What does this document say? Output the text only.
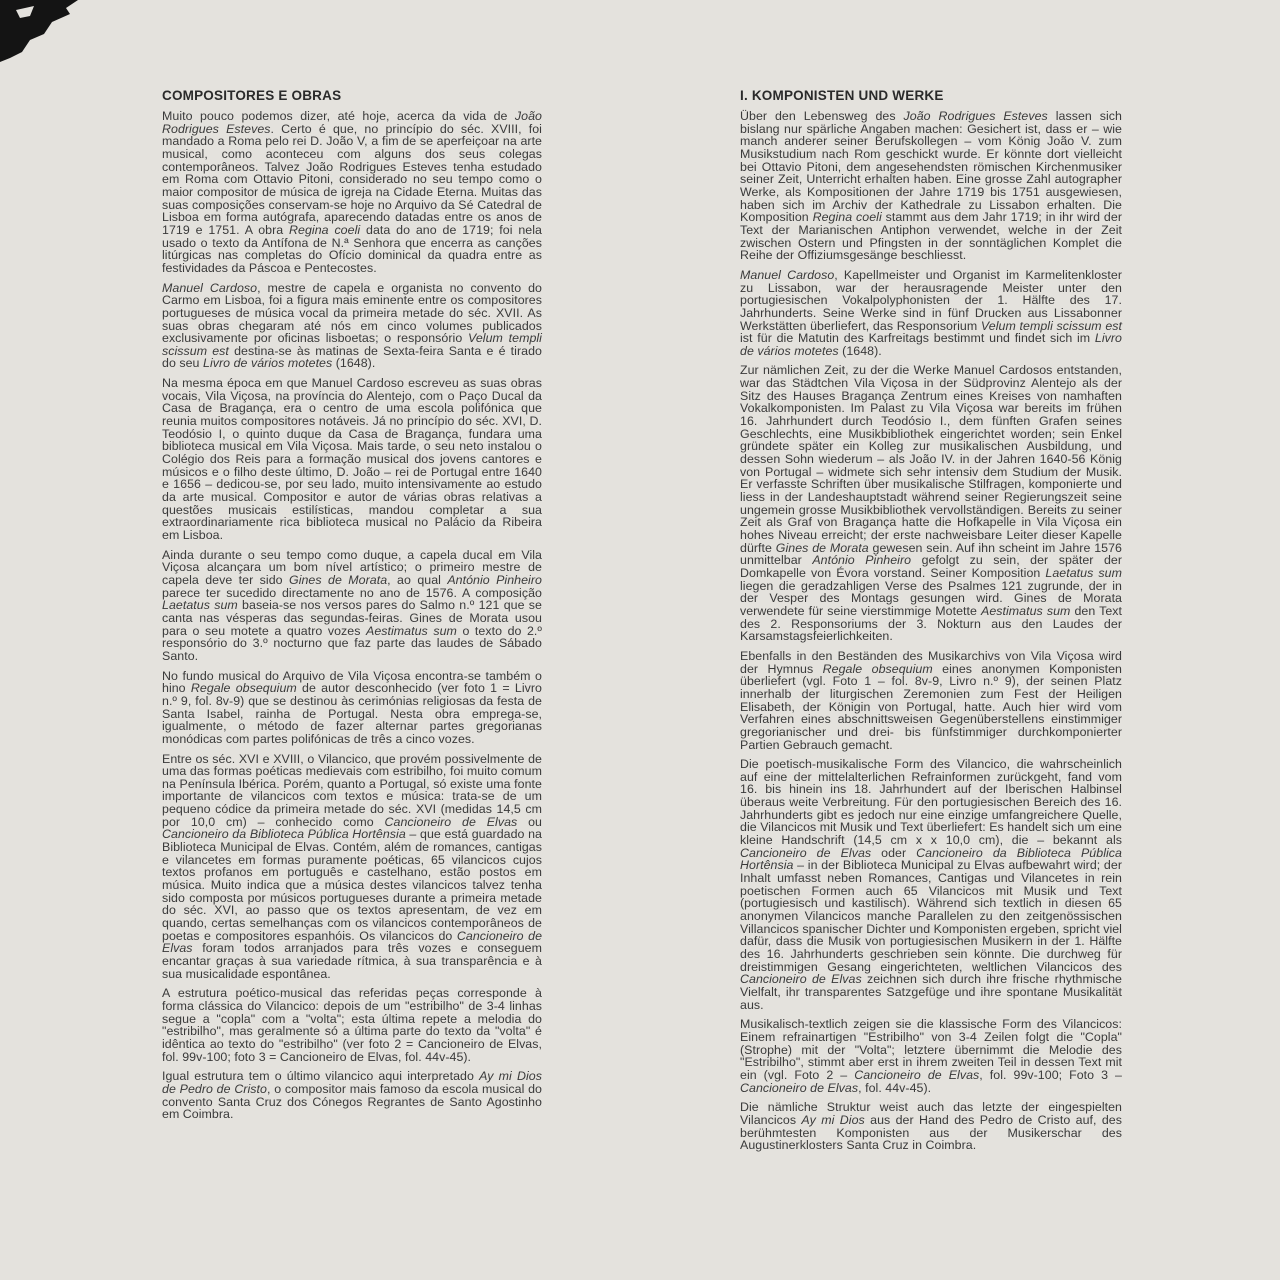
COMPOSITORES E OBRAS

Muito pouco podemos dizer, até hoje, acerca da vida de João Rodrigues Esteves. Certo é que, no princípio do séc. XVIII, foi mandado a Roma pelo rei D. João V, a fim de se aperfeiçoar na arte musical, como aconteceu com alguns dos seus colegas contemporâneos. Talvez João Rodrigues Esteves tenha estudado em Roma com Ottavio Pitoni, considerado no seu tempo como o maior compositor de música de igreja na Cidade Eterna. Muitas das suas composições conservam-se hoje no Arquivo da Sé Catedral de Lisboa em forma autógrafa, aparecendo datadas entre os anos de 1719 e 1751. A obra Regina coeli data do ano de 1719; foi nela usado o texto da Antífona de N.ª Senhora que encerra as canções litúrgicas nas completas do Ofício dominical da quadra entre as festividades da Páscoa e Pentecostes.

Manuel Cardoso, mestre de capela e organista no convento do Carmo em Lisboa, foi a figura mais eminente entre os compositores portugueses de música vocal da primeira metade do séc. XVII. As suas obras chegaram até nós em cinco volumes publicados exclusivamente por oficinas lisboetas; o responsório Velum templi scissum est destina-se às matinas de Sexta-feira Santa e é tirado do seu Livro de vários motetes (1648).

Na mesma época em que Manuel Cardoso escreveu as suas obras vocais, Vila Viçosa, na província do Alentejo, com o Paço Ducal da Casa de Bragança, era o centro de uma escola polifónica que reunia muitos compositores notáveis. Já no princípio do séc. XVI, D. Teodósio I, o quinto duque da Casa de Bragança, fundara uma biblioteca musical em Vila Viçosa. Mais tarde, o seu neto instalou o Colégio dos Reis para a formação musical dos jovens cantores e músicos e o filho deste último, D. João – rei de Portugal entre 1640 e 1656 – dedicou-se, por seu lado, muito intensivamente ao estudo da arte musical. Compositor e autor de várias obras relativas a questões musicais estilísticas, mandou completar a sua extraordinariamente rica biblioteca musical no Palácio da Ribeira em Lisboa.

Ainda durante o seu tempo como duque, a capela ducal em Vila Viçosa alcançara um bom nível artístico; o primeiro mestre de capela deve ter sido Gines de Morata, ao qual António Pinheiro parece ter sucedido directamente no ano de 1576. A composição Laetatus sum baseia-se nos versos pares do Salmo n.º 121 que se canta nas vésperas das segundas-feiras. Gines de Morata usou para o seu motete a quatro vozes Aestimatus sum o texto do 2.º responsório do 3.º nocturno que faz parte das laudes de Sábado Santo.

No fundo musical do Arquivo de Vila Viçosa encontra-se também o hino Regale obsequium de autor desconhecido (ver foto 1 = Livro n.º 9, fol. 8v-9) que se destinou às cerimónias religiosas da festa de Santa Isabel, rainha de Portugal. Nesta obra emprega-se, igualmente, o método de fazer alternar partes gregorianas monódicas com partes polifónicas de três a cinco vozes.

Entre os séc. XVI e XVIII, o Vilancico, que provém possivelmente de uma das formas poéticas medievais com estribilho, foi muito comum na Península Ibérica. Porém, quanto a Portugal, só existe uma fonte importante de vilancicos com textos e música: trata-se de um pequeno códice da primeira metade do séc. XVI (medidas 14,5 cm por 10,0 cm) – conhecido como Cancioneiro de Elvas ou Cancioneiro da Biblioteca Pública Hortênsia – que está guardado na Biblioteca Municipal de Elvas. Contém, além de romances, cantigas e vilancetes em formas puramente poéticas, 65 vilancicos cujos textos profanos em português e castelhano, estão postos em música. Muito indica que a música destes vilancicos talvez tenha sido composta por músicos portugueses durante a primeira metade do séc. XVI, ao passo que os textos apresentam, de vez em quando, certas semelhanças com os vilancicos contemporâneos de poetas e compositores espanhóis. Os vilancicos do Cancioneiro de Elvas foram todos arranjados para três vozes e conseguem encantar graças à sua variedade rítmica, à sua transparência e à sua musicalidade espontânea.

A estrutura poético-musical das referidas peças corresponde à forma clássica do Vilancico: depois de um "estribilho" de 3-4 linhas segue a "copla" com a "volta"; esta última repete a melodia do "estribilho", mas geralmente só a última parte do texto da "volta" é idêntica ao texto do "estribilho" (ver foto 2 = Cancioneiro de Elvas, fol. 99v-100; foto 3 = Cancioneiro de Elvas, fol. 44v-45).

Igual estrutura tem o último vilancico aqui interpretado Ay mi Dios de Pedro de Cristo, o compositor mais famoso da escola musical do convento Santa Cruz dos Cónegos Regrantes de Santo Agostinho em Coimbra.

I. KOMPONISTEN UND WERKE

Über den Lebensweg des João Rodrigues Esteves lassen sich bislang nur spärliche Angaben machen: Gesichert ist, dass er – wie manch anderer seiner Berufskollegen – vom König João V. zum Musikstudium nach Rom geschickt wurde. Er könnte dort vielleicht bei Ottavio Pitoni, dem angesehendsten römischen Kirchenmusiker seiner Zeit, Unterricht erhalten haben. Eine grosse Zahl autographer Werke, als Kompositionen der Jahre 1719 bis 1751 ausgewiesen, haben sich im Archiv der Kathedrale zu Lissabon erhalten. Die Komposition Regina coeli stammt aus dem Jahr 1719; in ihr wird der Text der Marianischen Antiphon verwendet, welche in der Zeit zwischen Ostern und Pfingsten in der sonntäglichen Komplet die Reihe der Offiziumsgesänge beschliesst.

Manuel Cardoso, Kapellmeister und Organist im Karmelitenkloster zu Lissabon, war der herausragende Meister unter den portugiesischen Vokalpolyphonisten der 1. Hälfte des 17. Jahrhunderts. Seine Werke sind in fünf Drucken aus Lissabonner Werkstätten überliefert, das Responsorium Velum templi scissum est ist für die Matutin des Karfreitags bestimmt und findet sich im Livro de vários motetes (1648).

Zur nämlichen Zeit, zu der die Werke Manuel Cardosos entstanden, war das Städtchen Vila Viçosa in der Südprovinz Alentejo als der Sitz des Hauses Bragança Zentrum eines Kreises von namhaften Vokalkomponisten. Im Palast zu Vila Viçosa war bereits im frühen 16. Jahrhundert durch Teodósio I., dem fünften Grafen seines Geschlechts, eine Musikbibliothek eingerichtet worden; sein Enkel gründete später ein Kolleg zur musikalischen Ausbildung, und dessen Sohn wiederum – als João IV. in der Jahren 1640-56 König von Portugal – widmete sich sehr intensiv dem Studium der Musik. Er verfasste Schriften über musikalische Stilfragen, komponierte und liess in der Landeshauptstadt während seiner Regierungszeit seine ungemein grosse Musikbibliothek vervollständigen. Bereits zu seiner Zeit als Graf von Bragança hatte die Hofkapelle in Vila Viçosa ein hohes Niveau erreicht; der erste nachweisbare Leiter dieser Kapelle dürfte Gines de Morata gewesen sein. Auf ihn scheint im Jahre 1576 unmittelbar António Pinheiro gefolgt zu sein, der später der Domkapelle von Évora vorstand. Seiner Komposition Laetatus sum liegen die geradzahligen Verse des Psalmes 121 zugrunde, der in der Vesper des Montags gesungen wird. Gines de Morata verwendete für seine vierstimmige Motette Aestimatus sum den Text des 2. Responsoriums der 3. Nokturn aus den Laudes der Karsamstagsfeierlichkeiten.

Ebenfalls in den Beständen des Musikarchivs von Vila Viçosa wird der Hymnus Regale obsequium eines anonymen Komponisten überliefert (vgl. Foto 1 – fol. 8v-9, Livro n.º 9), der seinen Platz innerhalb der liturgischen Zeremonien zum Fest der Heiligen Elisabeth, der Königin von Portugal, hatte. Auch hier wird vom Verfahren eines abschnittsweisen Gegenüberstellens einstimmiger gregorianischer und drei- bis fünfstimmiger durchkomponierter Partien Gebrauch gemacht.

Die poetisch-musikalische Form des Vilancico, die wahrscheinlich auf eine der mittelalterlichen Refrainformen zurückgeht, fand vom 16. bis hinein ins 18. Jahrhundert auf der Iberischen Halbinsel überaus weite Verbreitung. Für den portugiesischen Bereich des 16. Jahrhunderts gibt es jedoch nur eine einzige umfangreichere Quelle, die Vilancicos mit Musik und Text überliefert: Es handelt sich um eine kleine Handschrift (14,5 cm x x 10,0 cm), die – bekannt als Cancioneiro de Elvas oder Cancioneiro da Biblioteca Pública Hortênsia – in der Biblioteca Municipal zu Elvas aufbewahrt wird; der Inhalt umfasst neben Romances, Cantigas und Vilancetes in rein poetischen Formen auch 65 Vilancicos mit Musik und Text (portugiesisch und kastilisch). Während sich textlich in diesen 65 anonymen Vilancicos manche Parallelen zu den zeitgenössischen Villancicos spanischer Dichter und Komponisten ergeben, spricht viel dafür, dass die Musik von portugiesischen Musikern in der 1. Hälfte des 16. Jahrhunderts geschrieben sein könnte. Die durchweg für dreistimmigen Gesang eingerichteten, weltlichen Vilancicos des Cancioneiro de Elvas zeichnen sich durch ihre frische rhythmische Vielfalt, ihr transparentes Satzgefüge und ihre spontane Musikalität aus.

Musikalisch-textlich zeigen sie die klassische Form des Vilancicos: Einem refrainartigen "Estribilho" von 3-4 Zeilen folgt die "Copla" (Strophe) mit der "Volta"; letztere übernimmt die Melodie des "Estribilho", stimmt aber erst in ihrem zweiten Teil in dessen Text mit ein (vgl. Foto 2 – Cancioneiro de Elvas, fol. 99v-100; Foto 3 – Cancioneiro de Elvas, fol. 44v-45).

Die nämliche Struktur weist auch das letzte der eingespielten Vilancicos Ay mi Dios aus der Hand des Pedro de Cristo auf, des berühmtesten Komponisten aus der Musikerschar des Augustinerklosters Santa Cruz in Coimbra.
